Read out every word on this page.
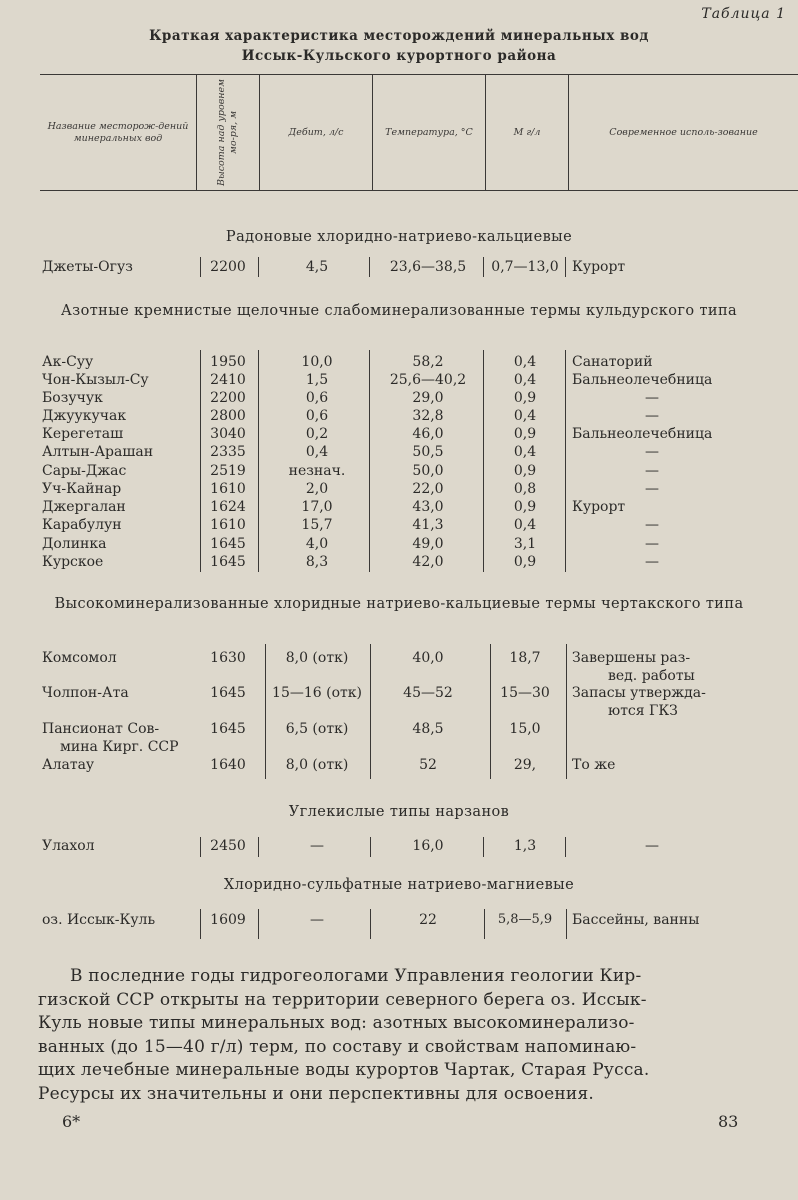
Таблица 1
Краткая характеристика месторождений минеральных вод
Иссык-Кульского курортного района
Название месторож-дений минеральных вод	Высота над уровнем мо-ря, м	Дебит, л/с	Температура, °С	M г/л	Современное исполь-зование
Радоновые хлоридно-натриево-кальциевые
Джеты-Огуз	2200	4,5	23,6—38,5	0,7—13,0 Курорт
Азотные кремнистые щелочные слабоминерализованные термы кульдурского типа
Ак-Суу	1950	10,0	58,2	0,4	Санаторий
Чон-Кызыл-Су	2410	1,5	25,6—40,2	0,4	Бальнеолечебница
Бозучук	2200	0,6	29,0	0,9	—
Джуукучак	2800	0,6	32,8	0,4	—
Керегеташ	3040	0,2	46,0	0,9	Бальнеолечебница
Алтын-Арашан	2335	0,4	50,5	0,4	—
Сары-Джас	2519	незнач.	50,0	0,9	—
Уч-Кайнар	1610	2,0	22,0	0,8	—
Джергалан	1624	17,0	43,0	0,9	Курорт
Карабулун	1610	15,7	41,3	0,4	—
Долинка	1645	4,0	49,0	3,1	—
Курское	1645	8,3	42,0	0,9	—
Высокоминерализованные хлоридные натриево-кальциевые термы чертакского типа
Комсомол	1630	8,0 (отк)	40,0	18,7	Завершены раз-
вед. работы
Чолпон-Ата	1645	15—16 (отк)	45—52	15—30	Запасы утвержда-
ются ГКЗ
Пансионат Сов-	1645	6,5 (отк)	48,5	15,0
мина Кирг. ССР
Алатау	1640	8,0 (отк)	52	29,	То же
Углекислые типы нарзанов
Улахол	2450	—	16,0	1,3	—
Хлоридно-сульфатные натриево-магниевые
оз. Иссык-Куль	1609	—	22	5,8—5,9	Бассейны, ванны
В последние годы гидрогеологами Управления геологии Кир-
гизской ССР открыты на территории северного берега оз. Иссык-
Куль новые типы минеральных вод: азотных высокоминерализо-
ванных (до 15—40 г/л) терм, по составу и свойствам напоминаю-
щих лечебные минеральные воды курортов Чартак, Старая Русса.
Ресурсы их значительны и они перспективны для освоения.
6*	83
